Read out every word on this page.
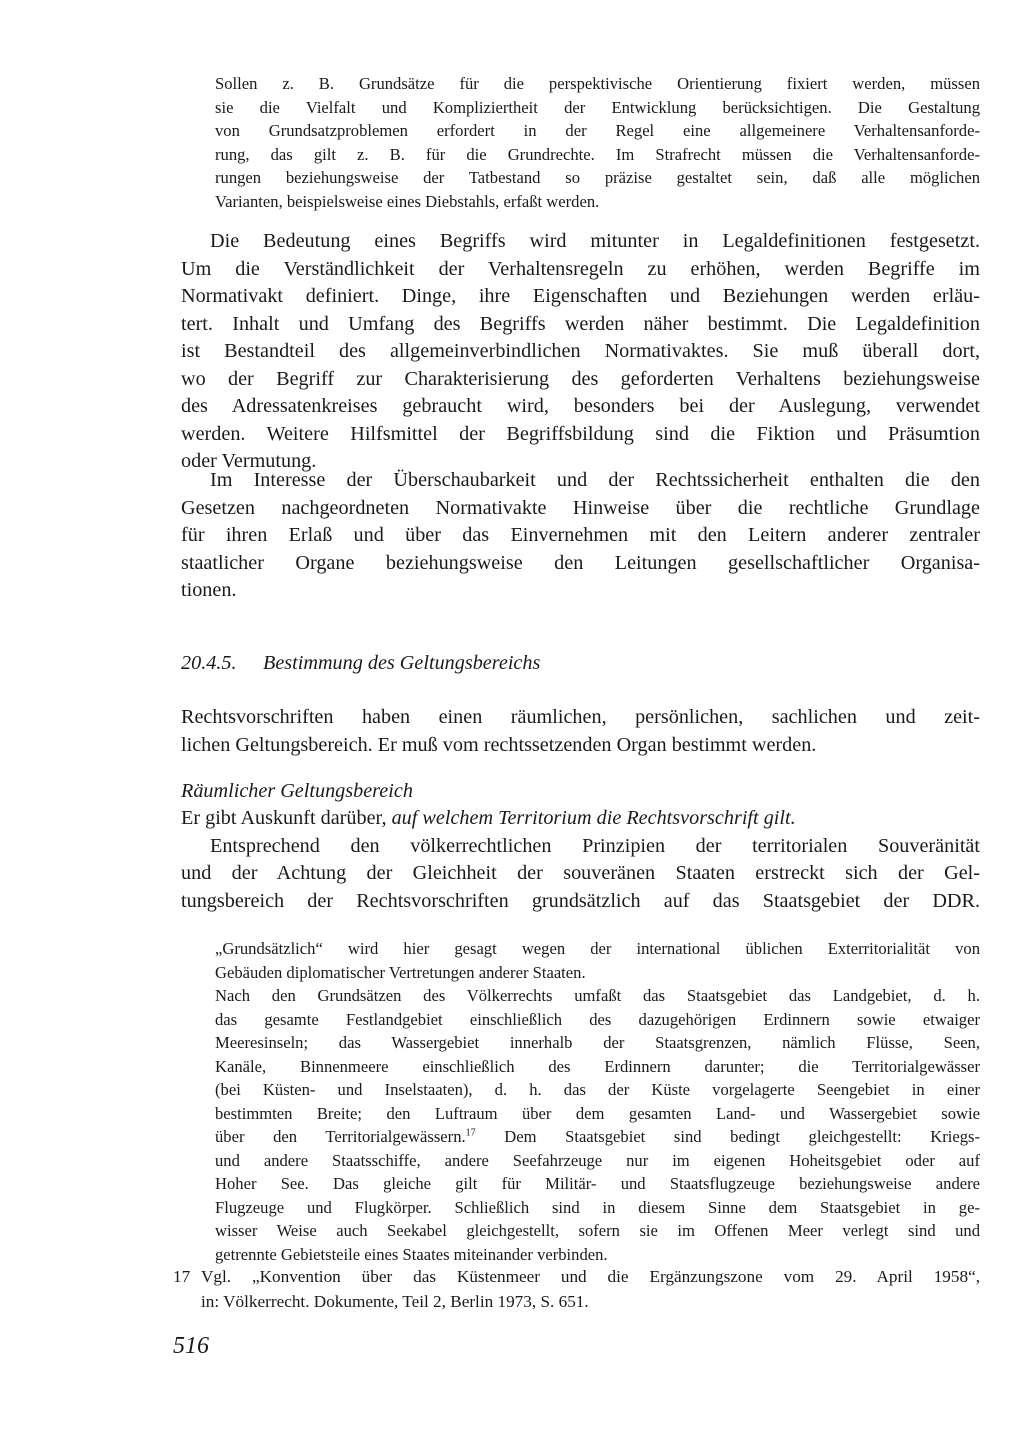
Sollen z. B. Grundsätze für die perspektivische Orientierung fixiert werden, müssen
sie die Vielfalt und Kompliziertheit der Entwicklung berücksichtigen. Die Gestaltung
von Grundsatzproblemen erfordert in der Regel eine allgemeinere Verhaltensanforde-
rung, das gilt z. B. für die Grundrechte. Im Strafrecht müssen die Verhaltensanforde-
rungen beziehungsweise der Tatbestand so präzise gestaltet sein, daß alle möglichen
Varianten, beispielsweise eines Diebstahls, erfaßt werden.
Die Bedeutung eines Begriffs wird mitunter in Legaldefinitionen festgesetzt.
Um die Verständlichkeit der Verhaltensregeln zu erhöhen, werden Begriffe im
Normativakt definiert. Dinge, ihre Eigenschaften und Beziehungen werden erläu-
tert. Inhalt und Umfang des Begriffs werden näher bestimmt. Die Legaldefinition
ist Bestandteil des allgemeinverbindlichen Normativaktes. Sie muß überall dort,
wo der Begriff zur Charakterisierung des geforderten Verhaltens beziehungsweise
des Adressatenkreises gebraucht wird, besonders bei der Auslegung, verwendet
werden. Weitere Hilfsmittel der Begriffsbildung sind die Fiktion und Präsumtion
oder Vermutung.
Im Interesse der Überschaubarkeit und der Rechtssicherheit enthalten die den
Gesetzen nachgeordneten Normativakte Hinweise über die rechtliche Grundlage
für ihren Erlaß und über das Einvernehmen mit den Leitern anderer zentraler
staatlicher Organe beziehungsweise den Leitungen gesellschaftlicher Organisa-
tionen.
20.4.5. Bestimmung des Geltungsbereichs
Rechtsvorschriften haben einen räumlichen, persönlichen, sachlichen und zeit-
lichen Geltungsbereich. Er muß vom rechtssetzenden Organ bestimmt werden.
Räumlicher Geltungsbereich
Er gibt Auskunft darüber, auf welchem Territorium die Rechtsvorschrift gilt.
Entsprechend den völkerrechtlichen Prinzipien der territorialen Souveränität
und der Achtung der Gleichheit der souveränen Staaten erstreckt sich der Gel-
tungsbereich der Rechtsvorschriften grundsätzlich auf das Staatsgebiet der DDR.
„Grundsätzlich“ wird hier gesagt wegen der international üblichen Exterritorialität von
Gebäuden diplomatischer Vertretungen anderer Staaten.
Nach den Grundsätzen des Völkerrechts umfaßt das Staatsgebiet das Landgebiet, d. h.
das gesamte Festlandgebiet einschließlich des dazugehörigen Erdinnern sowie etwaiger
Meeresinseln; das Wassergebiet innerhalb der Staatsgrenzen, nämlich Flüsse, Seen,
Kanäle, Binnenmeere einschließlich des Erdinnern darunter; die Territorialgewässer
(bei Küsten- und Inselstaaten), d. h. das der Küste vorgelagerte Seengebiet in einer
bestimmten Breite; den Luftraum über dem gesamten Land- und Wassergebiet sowie
über den Territorialgewässern.$^{17}$ Dem Staatsgebiet sind bedingt gleichgestellt: Kriegs-
und andere Staatsschiffe, andere Seefahrzeuge nur im eigenen Hoheitsgebiet oder auf
Hoher See. Das gleiche gilt für Militär- und Staatsflugzeuge beziehungsweise andere
Flugzeuge und Flugkörper. Schließlich sind in diesem Sinne dem Staatsgebiet in ge-
wisser Weise auch Seekabel gleichgestellt, sofern sie im Offenen Meer verlegt sind und
getrennte Gebietsteile eines Staates miteinander verbinden.
17 Vgl. „Konvention über das Küstenmeer und die Ergänzungszone vom 29. April 1958“,
in: Völkerrecht. Dokumente, Teil 2, Berlin 1973, S. 651.
516
